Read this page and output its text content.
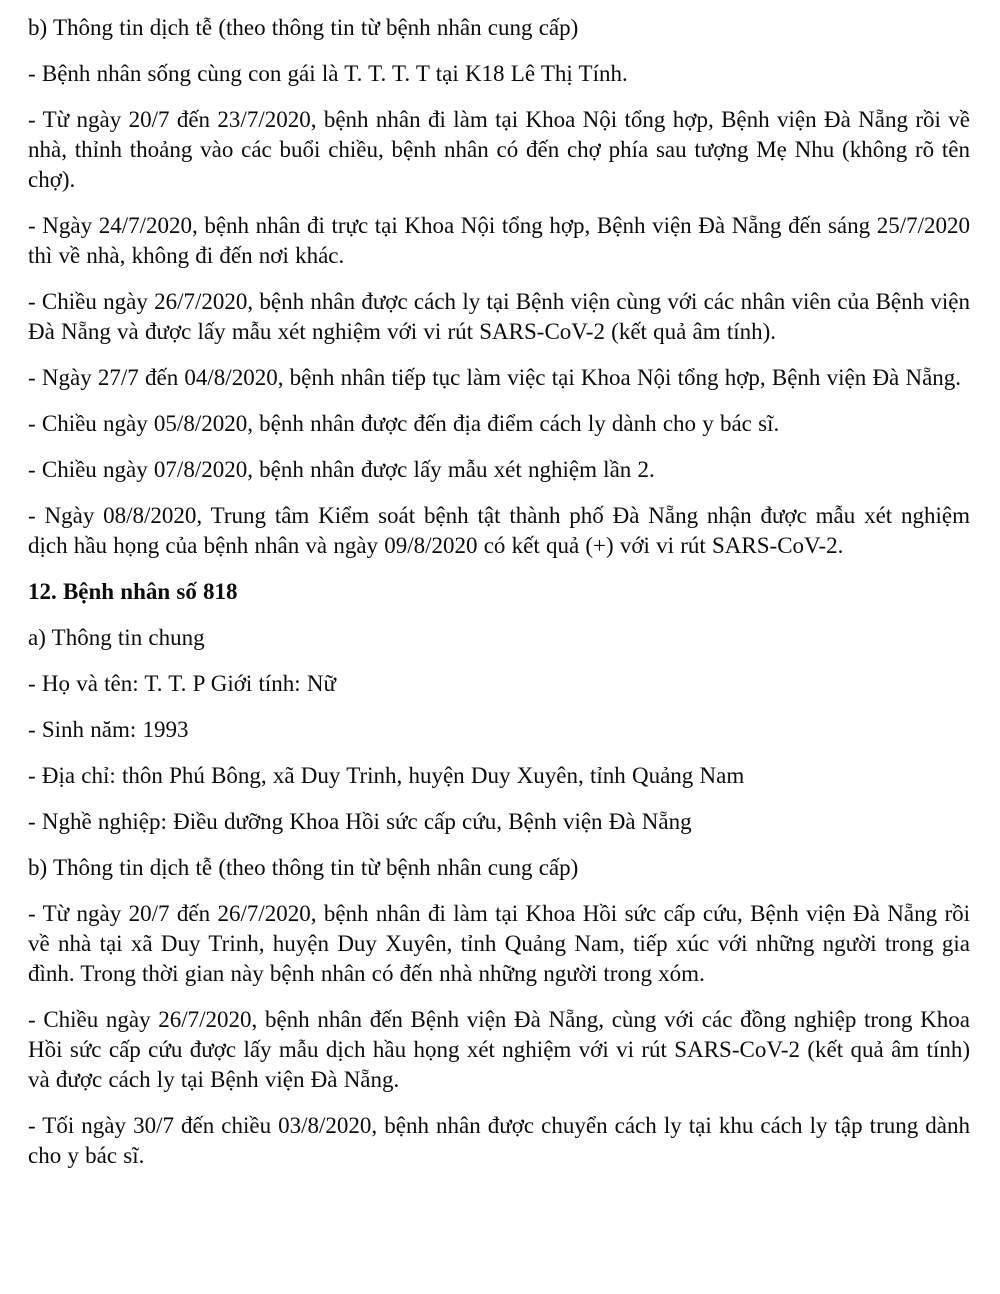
b) Thông tin dịch tễ (theo thông tin từ bệnh nhân cung cấp)

- Bệnh nhân sống cùng con gái là T. T. T. T tại K18 Lê Thị Tính.

- Từ ngày 20/7 đến 23/7/2020, bệnh nhân đi làm tại Khoa Nội tổng hợp, Bệnh viện Đà Nẵng rồi về nhà, thỉnh thoảng vào các buổi chiều, bệnh nhân có đến chợ phía sau tượng Mẹ Nhu (không rõ tên chợ).

- Ngày 24/7/2020, bệnh nhân đi trực tại Khoa Nội tổng hợp, Bệnh viện Đà Nẵng đến sáng 25/7/2020 thì về nhà, không đi đến nơi khác.

- Chiều ngày 26/7/2020, bệnh nhân được cách ly tại Bệnh viện cùng với các nhân viên của Bệnh viện Đà Nẵng và được lấy mẫu xét nghiệm với vi rút SARS-CoV-2 (kết quả âm tính).

- Ngày 27/7 đến 04/8/2020, bệnh nhân tiếp tục làm việc tại Khoa Nội tổng hợp, Bệnh viện Đà Nẵng.

- Chiều ngày 05/8/2020, bệnh nhân được đến địa điểm cách ly dành cho y bác sĩ.

- Chiều ngày 07/8/2020, bệnh nhân được lấy mẫu xét nghiệm lần 2.

- Ngày 08/8/2020, Trung tâm Kiểm soát bệnh tật thành phố Đà Nẵng nhận được mẫu xét nghiệm dịch hầu họng của bệnh nhân và ngày 09/8/2020 có kết quả (+) với vi rút SARS-CoV-2.

12. Bệnh nhân số 818

a) Thông tin chung

- Họ và tên: T. T. P Giới tính: Nữ

- Sinh năm: 1993

- Địa chỉ: thôn Phú Bông, xã Duy Trinh, huyện Duy Xuyên, tỉnh Quảng Nam

- Nghề nghiệp: Điều dưỡng Khoa Hồi sức cấp cứu, Bệnh viện Đà Nẵng

b) Thông tin dịch tễ (theo thông tin từ bệnh nhân cung cấp)

- Từ ngày 20/7 đến 26/7/2020, bệnh nhân đi làm tại Khoa Hồi sức cấp cứu, Bệnh viện Đà Nẵng rồi về nhà tại xã Duy Trinh, huyện Duy Xuyên, tỉnh Quảng Nam, tiếp xúc với những người trong gia đình. Trong thời gian này bệnh nhân có đến nhà những người trong xóm.

- Chiều ngày 26/7/2020, bệnh nhân đến Bệnh viện Đà Nẵng, cùng với các đồng nghiệp trong Khoa Hồi sức cấp cứu được lấy mẫu dịch hầu họng xét nghiệm với vi rút SARS-CoV-2 (kết quả âm tính) và được cách ly tại Bệnh viện Đà Nẵng.

- Tối ngày 30/7 đến chiều 03/8/2020, bệnh nhân được chuyển cách ly tại khu cách ly tập trung dành cho y bác sĩ.
